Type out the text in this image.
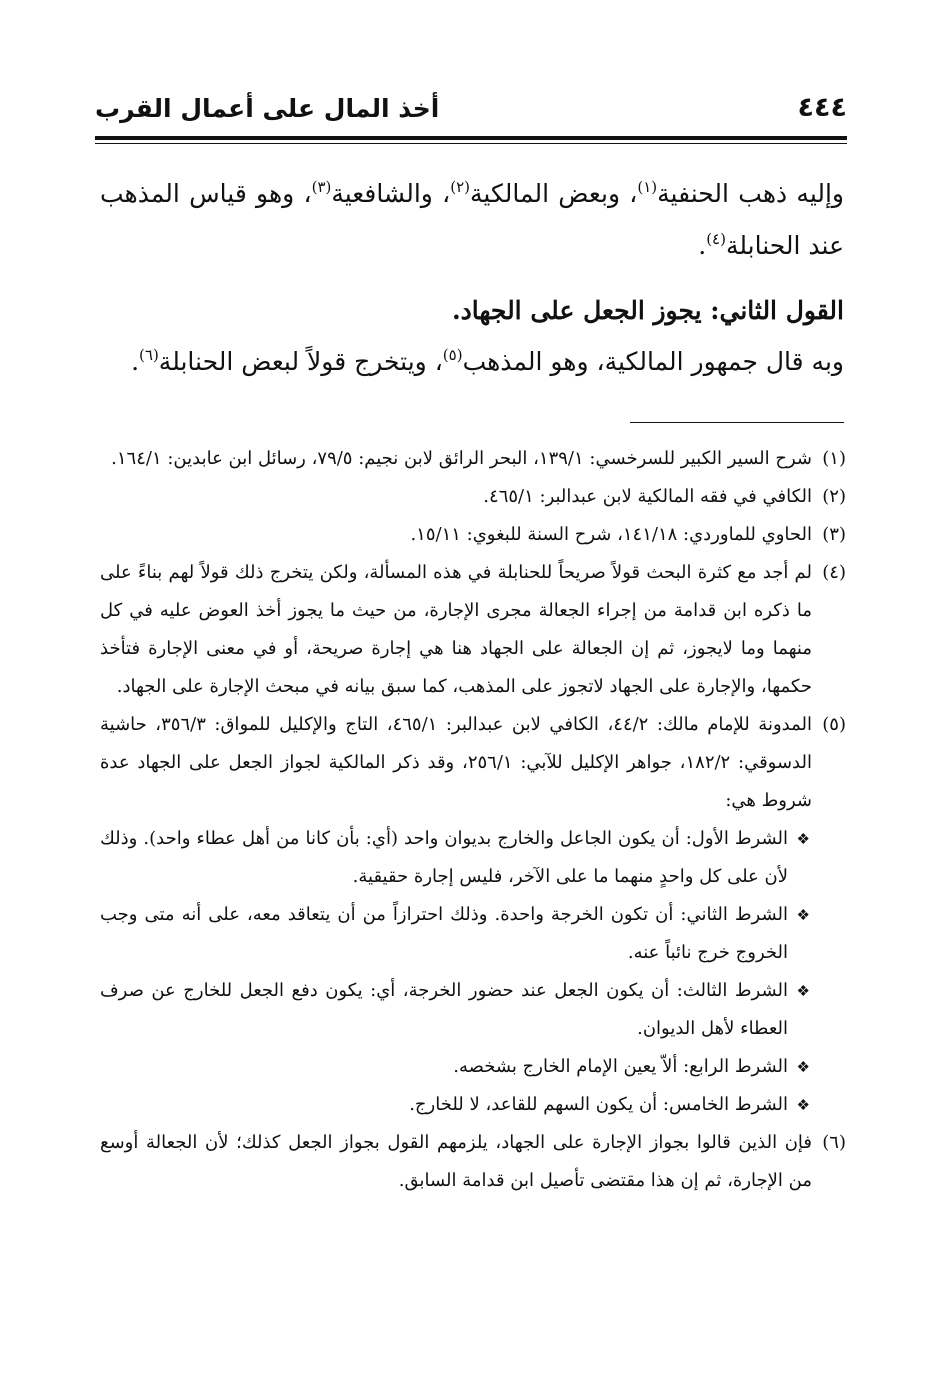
٤٤٤
أخذ المال على أعمال القرب
وإليه ذهب الحنفية$^{(١)}$، وبعض المالكية$^{(٢)}$، والشافعية$^{(٣)}$، وهو قياس المذهب عند الحنابلة$^{(٤)}$.
القول الثاني: يجوز الجعل على الجهاد.
وبه قال جمهور المالكية، وهو المذهب$^{(٥)}$، ويتخرج قولاً لبعض الحنابلة$^{(٦)}$.

(١)شرح السير الكبير للسرخسي: ١٣٩/١، البحر الرائق لابن نجيم: ٧٩/٥، رسائل ابن عابدين: ١٦٤/١.

(٢)الكافي في فقه المالكية لابن عبدالبر: ٤٦٥/١.

(٣)الحاوي للماوردي: ١٤١/١٨، شرح السنة للبغوي: ١٥/١١.

(٤)لم أجد مع كثرة البحث قولاً صريحاً للحنابلة في هذه المسألة، ولكن يتخرج ذلك قولاً لهم بناءً على ما ذكره ابن قدامة من إجراء الجعالة مجرى الإجارة، من حيث ما يجوز أخذ العوض عليه في كل منهما وما لايجوز، ثم إن الجعالة على الجهاد هنا هي إجارة صريحة، أو في معنى الإجارة فتأخذ حكمها، والإجارة على الجهاد لاتجوز على المذهب، كما سبق بيانه في مبحث الإجارة على الجهاد.

(٥)المدونة للإمام مالك: ٤٤/٢، الكافي لابن عبدالبر: ٤٦٥/١، التاج والإكليل للمواق: ٣٥٦/٣، حاشية الدسوقي: ١٨٢/٢، جواهر الإكليل للآبي: ٢٥٦/١، وقد ذكر المالكية لجواز الجعل على الجهاد عدة شروط هي:

❖الشرط الأول: أن يكون الجاعل والخارج بديوان واحد (أي: بأن كانا من أهل عطاء واحد). وذلك لأن على كل واحدٍ منهما ما على الآخر، فليس إجارة حقيقية.
❖الشرط الثاني: أن تكون الخرجة واحدة. وذلك احترازاً من أن يتعاقد معه، على أنه متى وجب الخروج خرج نائباً عنه.
❖الشرط الثالث: أن يكون الجعل عند حضور الخرجة، أي: يكون دفع الجعل للخارج عن صرف العطاء لأهل الديوان.
❖الشرط الرابع: ألاّ يعين الإمام الخارج بشخصه.
❖الشرط الخامس: أن يكون السهم للقاعد، لا للخارج.

(٦)فإن الذين قالوا بجواز الإجارة على الجهاد، يلزمهم القول بجواز الجعل كذلك؛ لأن الجعالة أوسع من الإجارة، ثم إن هذا مقتضى تأصيل ابن قدامة السابق.
